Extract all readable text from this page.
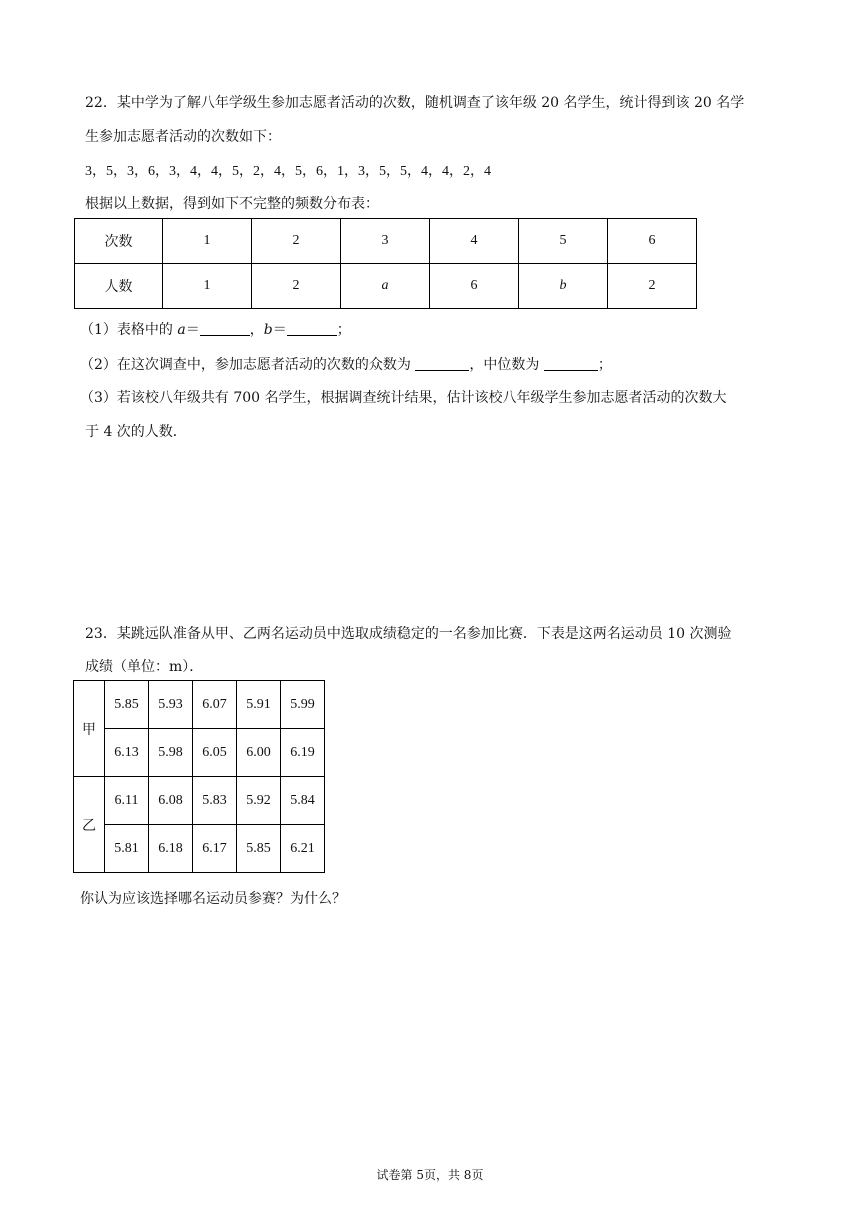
22．某中学为了解八年学级生参加志愿者活动的次数，随机调查了该年级 20 名学生，统计得到该 20 名学
生参加志愿者活动的次数如下：
3，5，3，6，3，4，4，5，2，4，5，6，1，3，5，5，4，4，2，4
根据以上数据，得到如下不完整的频数分布表：
次数	1	2	3	4	5	6
人数	1	2	a	6	b	2
（1）表格中的 a＝	，b＝	；
（2）在这次调查中，参加志愿者活动的次数的众数为	，中位数为	；
（3）若该校八年级共有 700 名学生，根据调查统计结果，估计该校八年级学生参加志愿者活动的次数大
于 4 次的人数．
23．某跳远队准备从甲、乙两名运动员中选取成绩稳定的一名参加比赛．下表是这两名运动员 10 次测验
成绩（单位：m）．
甲	5.85	5.93	6.07	5.91	5.99
	6.13	5.98	6.05	6.00	6.19
乙	6.11	6.08	5.83	5.92	5.84
	5.81	6.18	6.17	5.85	6.21
你认为应该选择哪名运动员参赛？为什么？
试卷第 5页，共 8页
